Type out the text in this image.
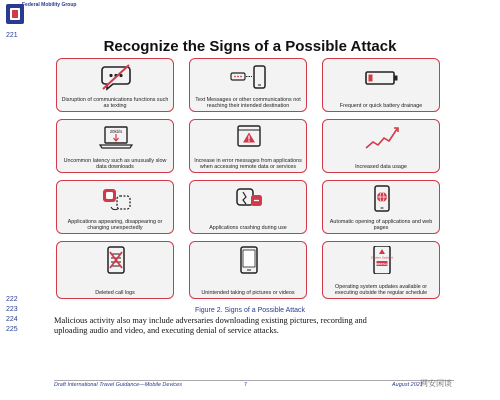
Federal Mobility Group
221
Recognize the Signs of a Possible Attack
Disruption of communications functions such as texting
Text Messages or other communications not reaching their intended destination	Frequent or quick battery drainage
20kb/s
Uncommon latency such as unusually slow data downloads
Increase in error messages from applications when accessing remote data or services	Increased data usage
Applications appearing, disappearing or changing unexpectedly	Applications crashing during use
Automatic opening of applications and web pages
Deleted call logs	Unintended taking of pictures or videos
System Updated
INSTALL
Operating system updates available or executing outside the regular schedule
222
223
224
225
Figure 2. Signs of a Possible Attack
Malicious activity also may include adversaries downloading existing pictures, recording and
uploading audio and video, and executing denial of service attacks.
Draft International Travel Guidance—Mobile Devices	7	August 2021
网安闲谈
